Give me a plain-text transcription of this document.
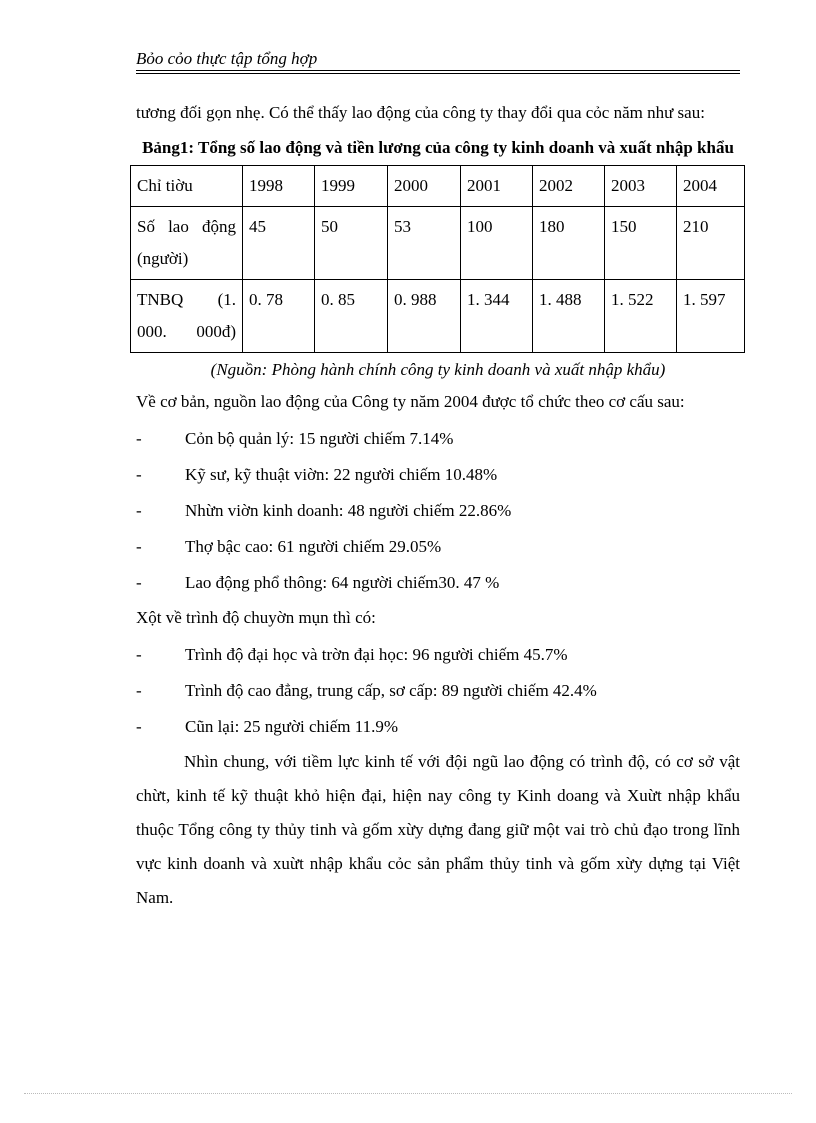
Bỏo cỏo thực tập tổng hợp

tương đối gọn nhẹ. Có thể thấy lao động của công ty thay đổi qua cỏc năm như sau:

Bảng1: Tổng số lao động và tiền lương của công ty kinh doanh và xuất nhập khẩu

Chỉ tiờu	1998	1999	2000	2001	2002	2003	2004

Số lao động (người)	45	50	53	100	180	150	210

TNBQ (1. 000. 000đ)	0. 78	0. 85	0. 988	1. 344	1. 488	1. 522	1. 597

(Nguồn: Phòng hành chính công ty kinh doanh và xuất nhập khẩu)

Về cơ bản, nguồn lao động của Công ty năm 2004 được tổ chức theo cơ cấu sau:

-	Cỏn bộ quản lý: 15 người chiếm 7.14%
-	Kỹ sư, kỹ thuật viờn: 22 người chiếm 10.48%
-	Nhừn viờn kinh doanh: 48 người chiếm 22.86%
-	Thợ bậc cao: 61 người chiếm 29.05%
-	Lao động phổ thông: 64 người chiếm30. 47 %

Xột về trình độ chuyờn mụn thì có:

-	Trình độ đại học và trờn đại học: 96 người chiếm 45.7%
-	Trình độ cao đẳng, trung cấp, sơ cấp: 89 người chiếm 42.4%
-	Cũn lại: 25 người chiếm 11.9%

Nhìn chung, với tiềm lực kinh tế với đội ngũ lao động có trình độ, có cơ sở vật chừt, kinh tế kỹ thuật khỏ hiện đại, hiện nay công ty Kinh doang và Xuừt nhập khẩu thuộc Tổng công ty thủy tinh và gốm xừy dựng đang giữ một vai trò chủ đạo trong lĩnh vực kinh doanh và xuừt nhập khẩu cỏc sản phẩm thủy tinh và gốm xừy dựng tại Việt Nam.
